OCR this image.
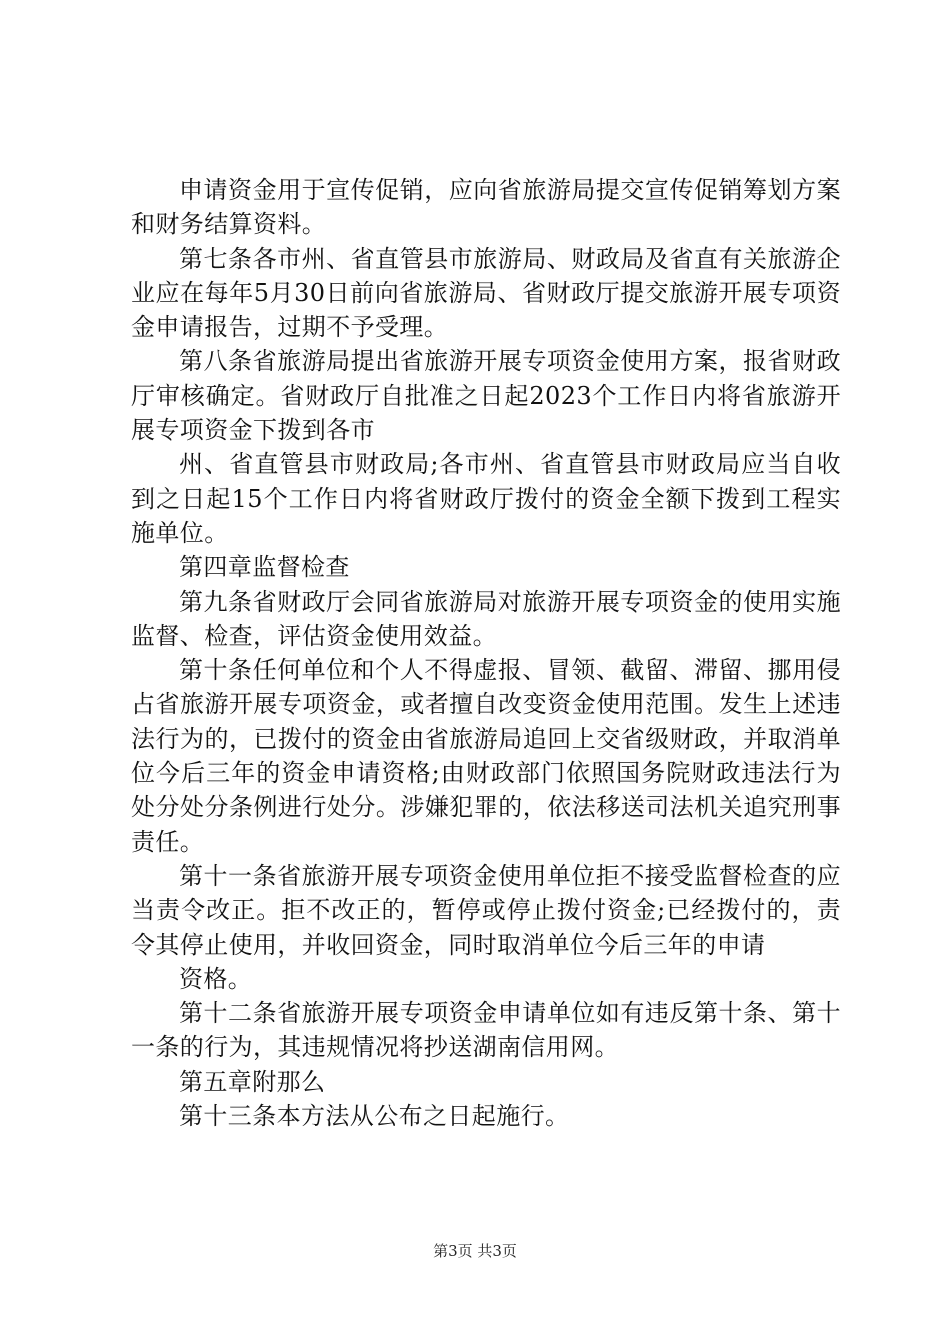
申请资金用于宣传促销，应向省旅游局提交宣传促销筹划方案和财务结算资料。

第七条各市州、省直管县市旅游局、财政局及省直有关旅游企业应在每年5月30日前向省旅游局、省财政厅提交旅游开展专项资金申请报告，过期不予受理。

第八条省旅游局提出省旅游开展专项资金使用方案，报省财政厅审核确定。省财政厅自批准之日起2023个工作日内将省旅游开展专项资金下拨到各市

州、省直管县市财政局;各市州、省直管县市财政局应当自收到之日起15个工作日内将省财政厅拨付的资金全额下拨到工程实施单位。

第四章监督检查

第九条省财政厅会同省旅游局对旅游开展专项资金的使用实施监督、检查，评估资金使用效益。

第十条任何单位和个人不得虚报、冒领、截留、滞留、挪用侵占省旅游开展专项资金，或者擅自改变资金使用范围。发生上述违法行为的，已拨付的资金由省旅游局追回上交省级财政，并取消单位今后三年的资金申请资格;由财政部门依照国务院财政违法行为处分处分条例进行处分。涉嫌犯罪的，依法移送司法机关追究刑事责任。

第十一条省旅游开展专项资金使用单位拒不接受监督检查的应当责令改正。拒不改正的，暂停或停止拨付资金;已经拨付的，责令其停止使用，并收回资金，同时取消单位今后三年的申请

资格。

第十二条省旅游开展专项资金申请单位如有违反第十条、第十一条的行为，其违规情况将抄送湖南信用网。

第五章附那么

第十三条本方法从公布之日起施行。

第3页 共3页
